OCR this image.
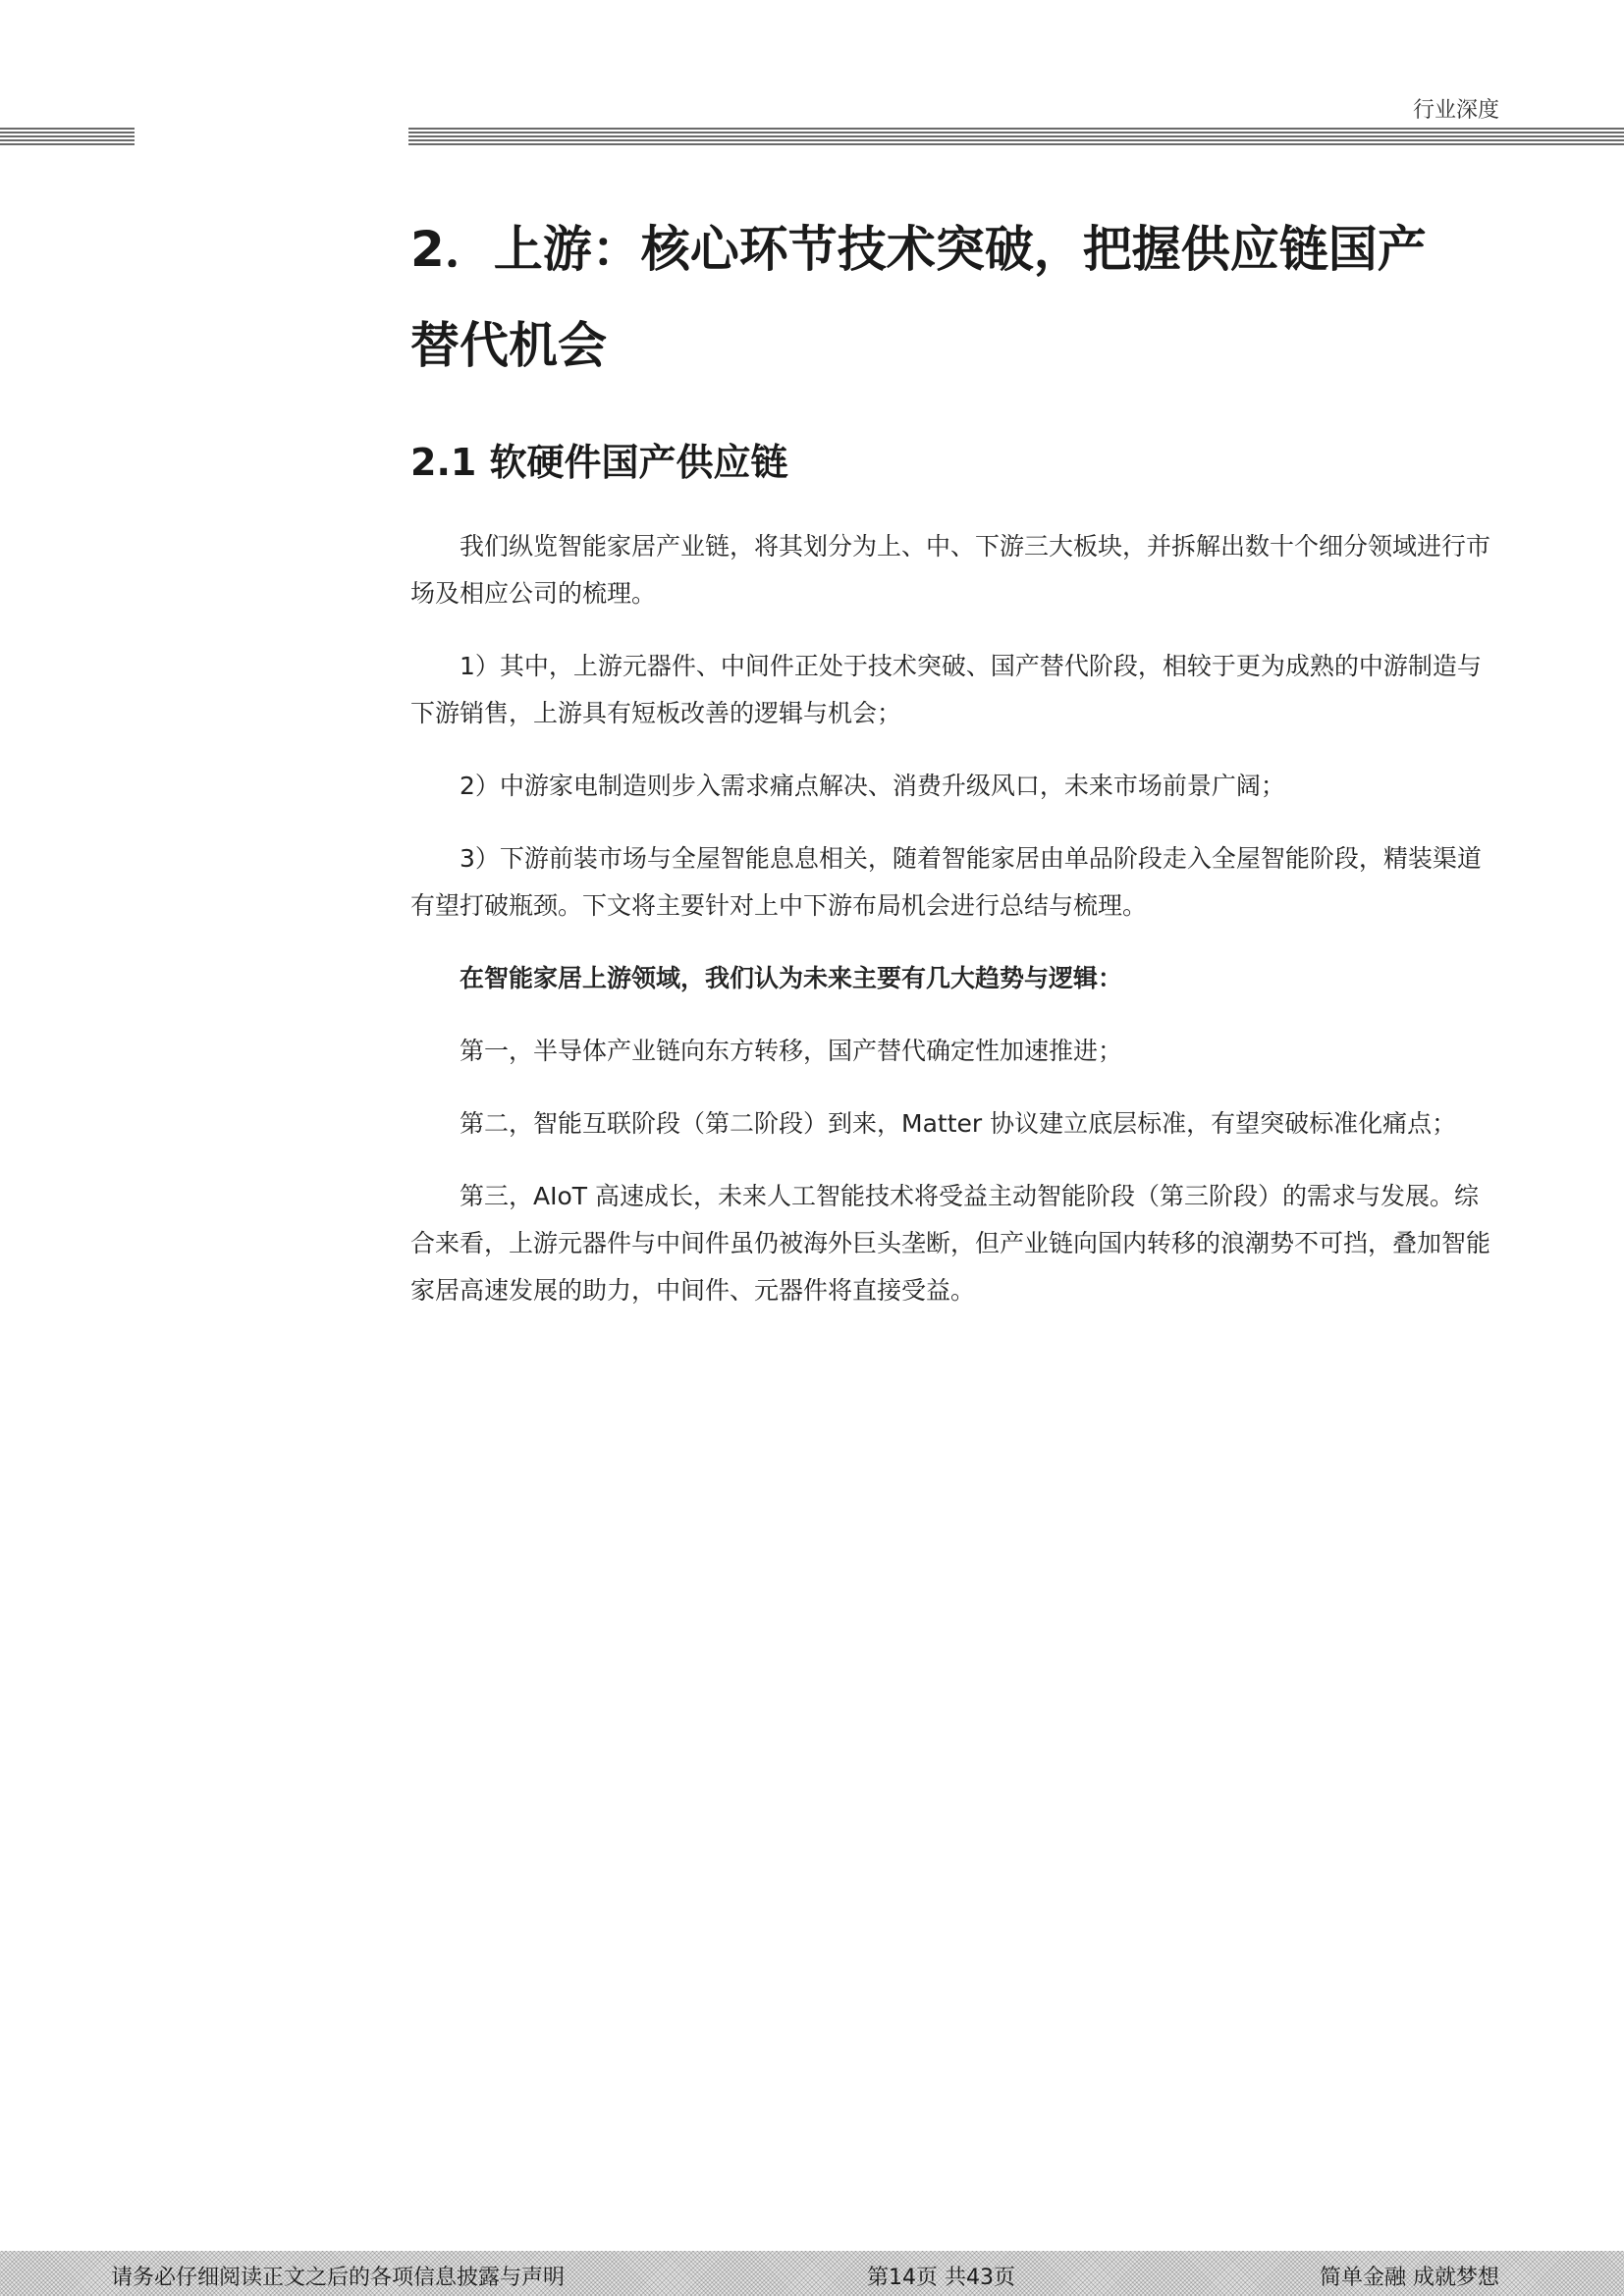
行业深度
2．上游：核心环节技术突破，把握供应链国产
替代机会
2.1 软硬件国产供应链

我们纵览智能家居产业链，将其划分为上、中、下游三大板块，并拆解出数十个细分领域进行市场及相应公司的梳理。

1）其中，上游元器件、中间件正处于技术突破、国产替代阶段，相较于更为成熟的中游制造与下游销售，上游具有短板改善的逻辑与机会；

2）中游家电制造则步入需求痛点解决、消费升级风口，未来市场前景广阔；

3）下游前装市场与全屋智能息息相关，随着智能家居由单品阶段走入全屋智能阶段，精装渠道有望打破瓶颈。下文将主要针对上中下游布局机会进行总结与梳理。

在智能家居上游领域，我们认为未来主要有几大趋势与逻辑：

第一，半导体产业链向东方转移，国产替代确定性加速推进；

第二，智能互联阶段（第二阶段）到来，Matter 协议建立底层标准，有望突破标准化痛点；

第三，AIoT 高速成长，未来人工智能技术将受益主动智能阶段（第三阶段）的需求与发展。综合来看，上游元器件与中间件虽仍被海外巨头垄断，但产业链向国内转移的浪潮势不可挡，叠加智能家居高速发展的助力，中间件、元器件将直接受益。

请务必仔细阅读正文之后的各项信息披露与声明	第14页 共43页	简单金融 成就梦想
